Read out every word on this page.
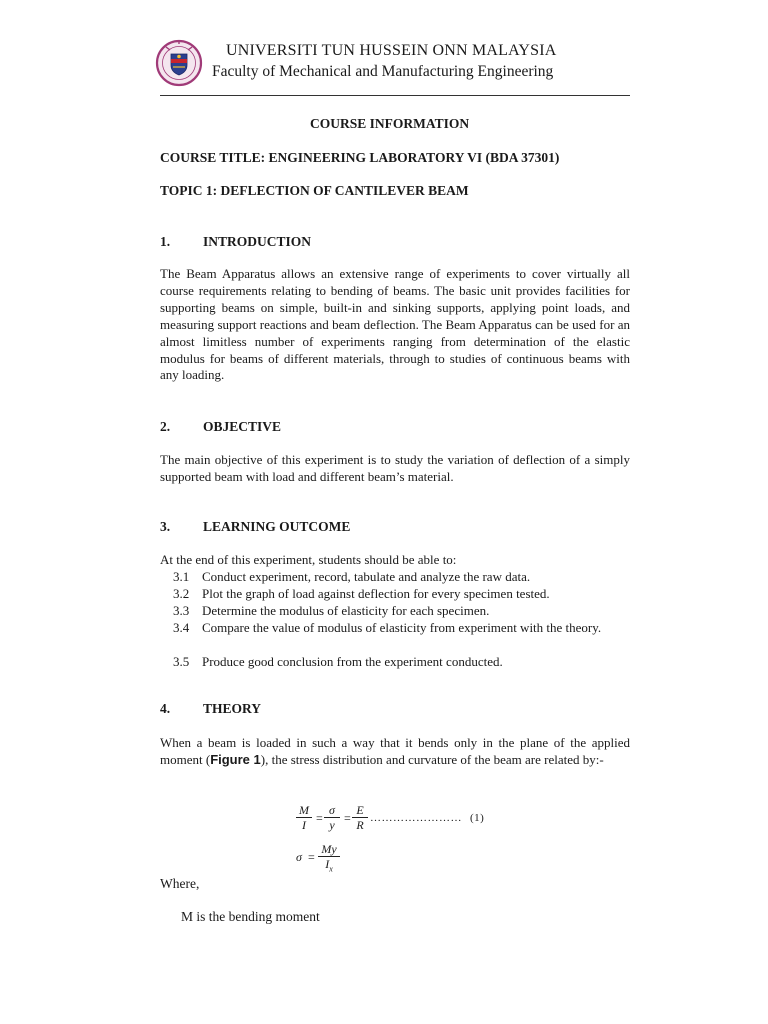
UNIVERSITI TUN HUSSEIN ONN MALAYSIA
Faculty of Mechanical and Manufacturing Engineering
COURSE INFORMATION
COURSE TITLE: ENGINEERING LABORATORY VI (BDA 37301)
TOPIC 1: DEFLECTION OF CANTILEVER BEAM
1. INTRODUCTION
The Beam Apparatus allows an extensive range of experiments to cover virtually all course requirements relating to bending of beams. The basic unit provides facilities for supporting beams on simple, built-in and sinking supports, applying point loads, and measuring support reactions and beam deflection. The Beam Apparatus can be used for an almost limitless number of experiments ranging from determination of the elastic modulus for beams of different materials, through to studies of continuous beams with any loading.
2. OBJECTIVE
The main objective of this experiment is to study the variation of deflection of a simply supported beam with load and different beam’s material.
3. LEARNING OUTCOME
At the end of this experiment, students should be able to:
3.1 Conduct experiment, record, tabulate and analyze the raw data.
3.2 Plot the graph of load against deflection for every specimen tested.
3.3 Determine the modulus of elasticity for each specimen.
3.4 Compare the value of modulus of elasticity from experiment with the theory.
3.5 Produce good conclusion from the experiment conducted.
4. THEORY
When a beam is loaded in such a way that it bends only in the plane of the applied moment (Figure 1), the stress distribution and curvature of the beam are related by:-
$\frac{M}{I} = \frac{\sigma}{y} = \frac{E}{R}$ …………………… (1)
$\sigma = \frac{My}{I_x}$
Where,
M is the bending moment
